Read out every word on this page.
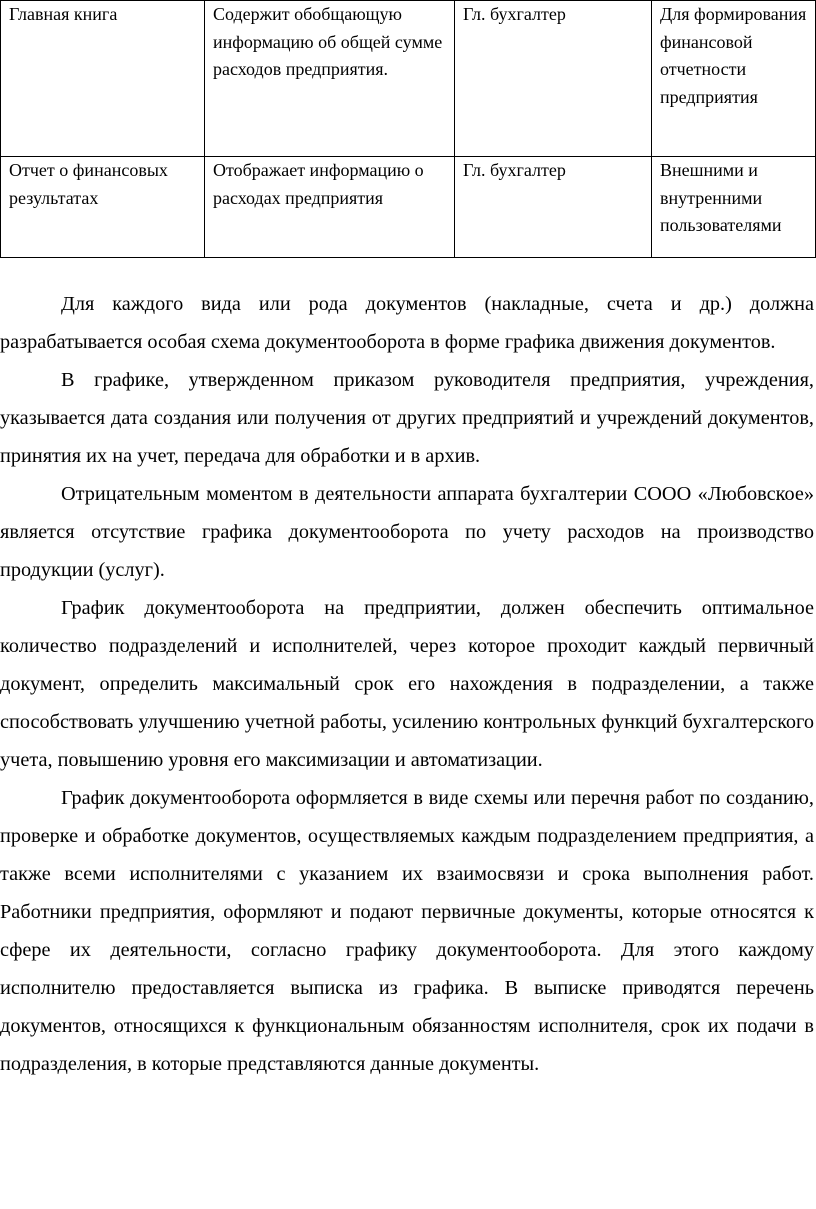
Главная книга	Содержит обобщающую информацию об общей сумме расходов предприятия.	Гл. бухгалтер	Для формирования финансовой отчетности предприятия
Отчет о финансовых результатах	Отображает информацию о расходах предприятия	Гл. бухгалтер	Внешними и внутренними пользователями

Для каждого вида или рода документов (накладные, счета и др.) должна разрабатывается особая схема документооборота в форме графика движения документов.

В графике, утвержденном приказом руководителя предприятия, учреждения, указывается дата создания или получения от других предприятий и учреждений документов, принятия их на учет, передача для обработки и в архив.

Отрицательным моментом в деятельности аппарата бухгалтерии СООО «Любовское» является отсутствие графика документооборота по учету расходов на производство продукции (услуг).

График документооборота на предприятии, должен обеспечить оптимальное количество подразделений и исполнителей, через которое проходит каждый первичный документ, определить максимальный срок его нахождения в подразделении, а также способствовать улучшению учетной работы, усилению контрольных функций бухгалтерского учета, повышению уровня его максимизации и автоматизации.

График документооборота оформляется в виде схемы или перечня работ по созданию, проверке и обработке документов, осуществляемых каждым подразделением предприятия, а также всеми исполнителями с указанием их взаимосвязи и срока выполнения работ. Работники предприятия, оформляют и подают первичные документы, которые относятся к сфере их деятельности, согласно графику документооборота. Для этого каждому исполнителю предоставляется выписка из графика. В выписке приводятся перечень документов, относящихся к функциональным обязанностям исполнителя, срок их подачи в подразделения, в которые представляются данные документы.
